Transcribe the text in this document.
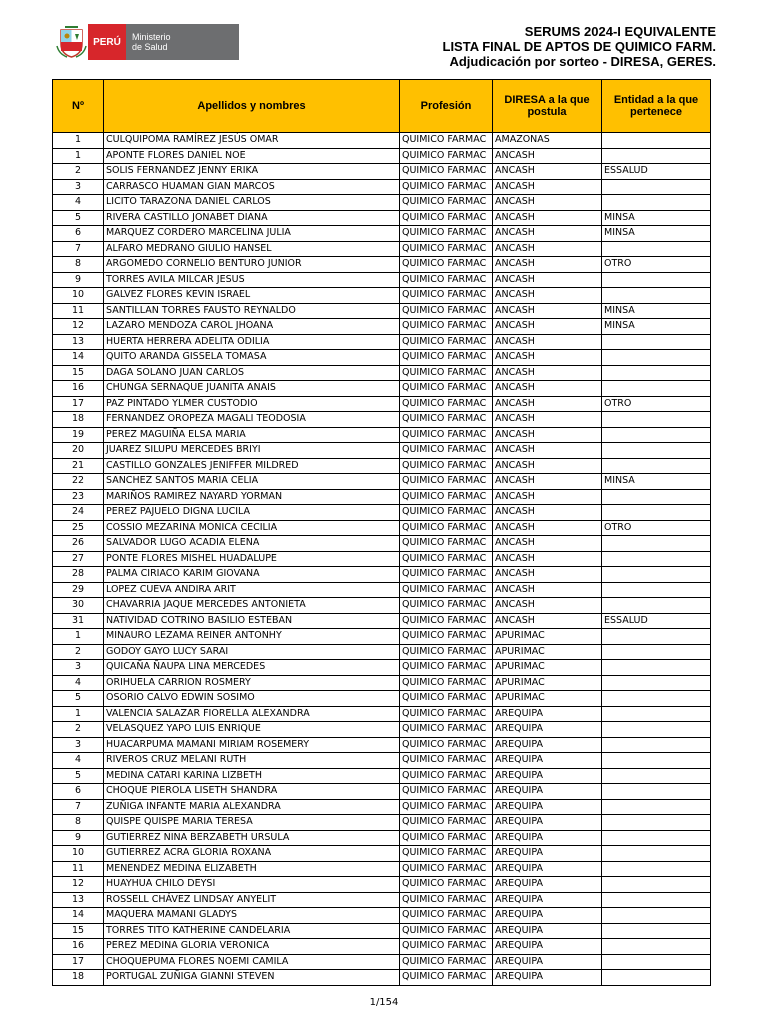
PERÚ	Ministerio
de Salud
SERUMS 2024-I EQUIVALENTE
LISTA FINAL DE APTOS DE QUIMICO FARM.
Adjudicación por sorteo - DIRESA, GERES.
Nº	Apellidos y nombres	Profesión	DIRESA a la que postula	Entidad a la que pertenece
1	CULQUIPOMA RAMÍREZ JESÚS OMAR	QUIMICO FARMAC	AMAZONAS	
1	APONTE FLORES DANIEL NOE	QUIMICO FARMAC	ANCASH	
2	SOLIS FERNANDEZ JENNY ERIKA	QUIMICO FARMAC	ANCASH	ESSALUD
3	CARRASCO HUAMAN GIAN MARCOS	QUIMICO FARMAC	ANCASH	
4	LICITO TARAZONA DANIEL CARLOS	QUIMICO FARMAC	ANCASH	
5	RIVERA CASTILLO JONABET DIANA	QUIMICO FARMAC	ANCASH	MINSA
6	MARQUEZ CORDERO MARCELINA JULIA	QUIMICO FARMAC	ANCASH	MINSA
7	ALFARO MEDRANO GIULIO HANSEL	QUIMICO FARMAC	ANCASH	
8	ARGOMEDO CORNELIO BENTURO JUNIOR	QUIMICO FARMAC	ANCASH	OTRO
9	TORRES AVILA MILCAR JESUS	QUIMICO FARMAC	ANCASH	
10	GALVEZ FLORES KEVIN ISRAEL	QUIMICO FARMAC	ANCASH	
11	SANTILLAN TORRES FAUSTO REYNALDO	QUIMICO FARMAC	ANCASH	MINSA
12	LAZARO MENDOZA CAROL JHOANA	QUIMICO FARMAC	ANCASH	MINSA
13	HUERTA HERRERA ADELITA ODILIA	QUIMICO FARMAC	ANCASH	
14	QUITO ARANDA GISSELA TOMASA	QUIMICO FARMAC	ANCASH	
15	DAGA SOLANO JUAN CARLOS	QUIMICO FARMAC	ANCASH	
16	CHUNGA SERNAQUE JUANITA ANAIS	QUIMICO FARMAC	ANCASH	
17	PAZ PINTADO YLMER CUSTODIO	QUIMICO FARMAC	ANCASH	OTRO
18	FERNANDEZ OROPEZA MAGALI TEODOSIA	QUIMICO FARMAC	ANCASH	
19	PEREZ MAGUIÑA ELSA MARIA	QUIMICO FARMAC	ANCASH	
20	JUAREZ SILUPU MERCEDES BRIYI	QUIMICO FARMAC	ANCASH	
21	CASTILLO GONZALES JENIFFER MILDRED	QUIMICO FARMAC	ANCASH	
22	SANCHEZ SANTOS MARIA CELIA	QUIMICO FARMAC	ANCASH	MINSA
23	MARIÑOS RAMIREZ NAYARD YORMAN	QUIMICO FARMAC	ANCASH	
24	PEREZ PAJUELO DIGNA LUCILA	QUIMICO FARMAC	ANCASH	
25	COSSIO MEZARINA MONICA CECILIA	QUIMICO FARMAC	ANCASH	OTRO
26	SALVADOR LUGO ACADIA ELENA	QUIMICO FARMAC	ANCASH	
27	PONTE FLORES MISHEL HUADALUPE	QUIMICO FARMAC	ANCASH	
28	PALMA CIRIACO KARIM GIOVANA	QUIMICO FARMAC	ANCASH	
29	LOPEZ CUEVA ANDIRA ARIT	QUIMICO FARMAC	ANCASH	
30	CHAVARRIA JAQUE MERCEDES ANTONIETA	QUIMICO FARMAC	ANCASH	
31	NATIVIDAD COTRINO BASILIO ESTEBAN	QUIMICO FARMAC	ANCASH	ESSALUD
1	MINAURO LEZAMA REINER ANTONHY	QUIMICO FARMAC	APURIMAC	
2	GODOY GAYO LUCY SARAI	QUIMICO FARMAC	APURIMAC	
3	QUICAÑA ÑAUPA LINA MERCEDES	QUIMICO FARMAC	APURIMAC	
4	ORIHUELA CARRION ROSMERY	QUIMICO FARMAC	APURIMAC	
5	OSORIO CALVO EDWIN SOSIMO	QUIMICO FARMAC	APURIMAC	
1	VALENCIA SALAZAR FIORELLA ALEXANDRA	QUIMICO FARMAC	AREQUIPA	
2	VELASQUEZ YAPO LUIS ENRIQUE	QUIMICO FARMAC	AREQUIPA	
3	HUACARPUMA MAMANI MIRIAM ROSEMERY	QUIMICO FARMAC	AREQUIPA	
4	RIVEROS CRUZ MELANI RUTH	QUIMICO FARMAC	AREQUIPA	
5	MEDINA CATARI KARINA LIZBETH	QUIMICO FARMAC	AREQUIPA	
6	CHOQUE PIEROLA LISETH SHANDRA	QUIMICO FARMAC	AREQUIPA	
7	ZUÑIGA INFANTE MARIA ALEXANDRA	QUIMICO FARMAC	AREQUIPA	
8	QUISPE QUISPE MARIA TERESA	QUIMICO FARMAC	AREQUIPA	
9	GUTIERREZ NINA BERZABETH URSULA	QUIMICO FARMAC	AREQUIPA	
10	GUTIERREZ ACRA GLORIA ROXANA	QUIMICO FARMAC	AREQUIPA	
11	MENENDEZ MEDINA ELIZABETH	QUIMICO FARMAC	AREQUIPA	
12	HUAYHUA CHILO DEYSI	QUIMICO FARMAC	AREQUIPA	
13	ROSSELL CHÁVEZ LINDSAY ANYELIT	QUIMICO FARMAC	AREQUIPA	
14	MAQUERA MAMANI GLADYS	QUIMICO FARMAC	AREQUIPA	
15	TORRES TITO KATHERINE CANDELARIA	QUIMICO FARMAC	AREQUIPA	
16	PEREZ MEDINA GLORIA VERONICA	QUIMICO FARMAC	AREQUIPA	
17	CHOQUEPUMA FLORES NOEMI CAMILA	QUIMICO FARMAC	AREQUIPA	
18	PORTUGAL ZUÑIGA GIANNI STEVEN	QUIMICO FARMAC	AREQUIPA	
1/154
